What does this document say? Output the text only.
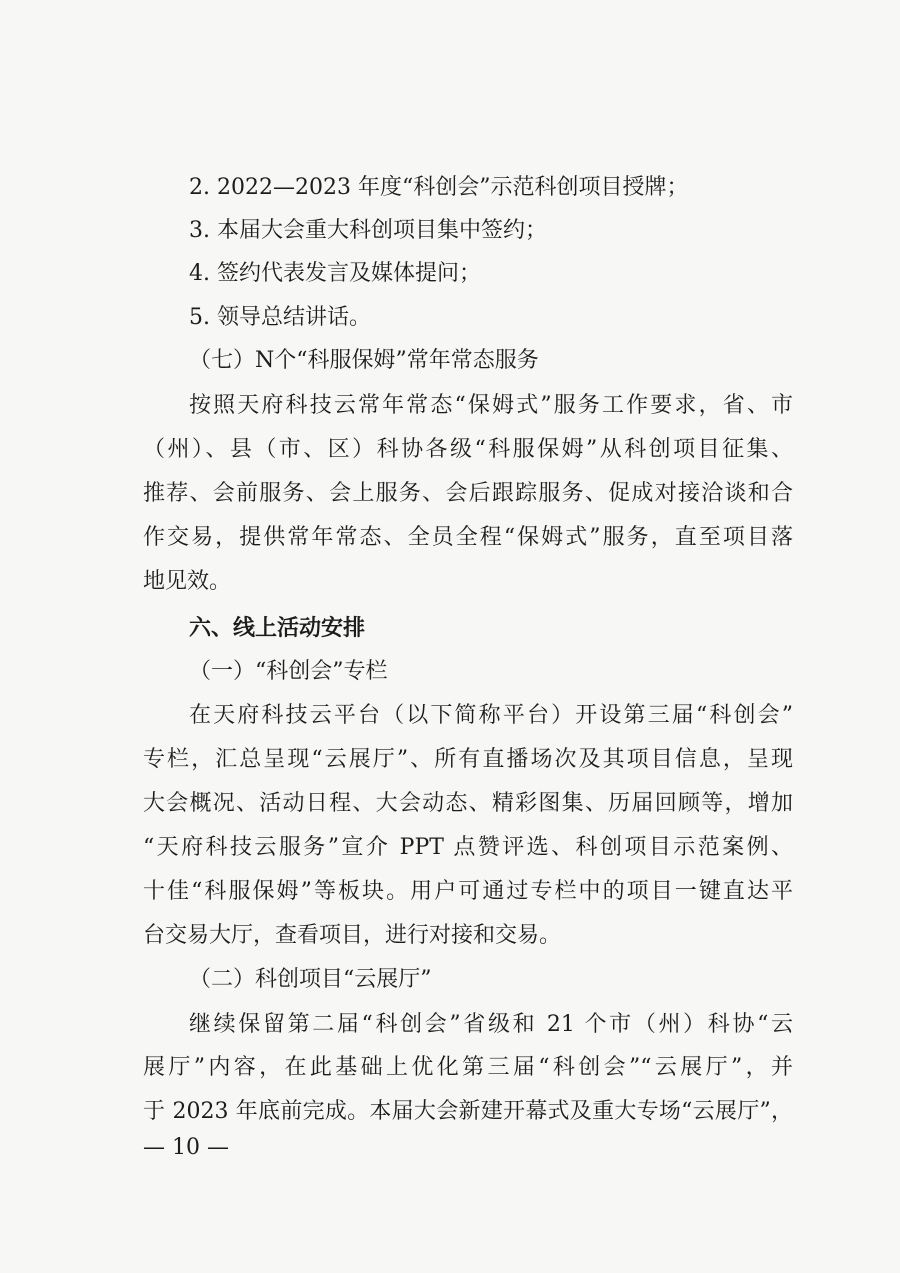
2. 2022—2023 年度“科创会”示范科创项目授牌；
3. 本届大会重大科创项目集中签约；
4. 签约代表发言及媒体提问；
5. 领导总结讲话。
（七）N个“科服保姆”常年常态服务
按照天府科技云常年常态“保姆式”服务工作要求，省、市
（州）、县（市、区）科协各级“科服保姆”从科创项目征集、
推荐、会前服务、会上服务、会后跟踪服务、促成对接洽谈和合
作交易，提供常年常态、全员全程“保姆式”服务，直至项目落
地见效。
六、线上活动安排
（一）“科创会”专栏
在天府科技云平台（以下简称平台）开设第三届“科创会”
专栏，汇总呈现“云展厅”、所有直播场次及其项目信息，呈现
大会概况、活动日程、大会动态、精彩图集、历届回顾等，增加
“天府科技云服务”宣介 PPT 点赞评选、科创项目示范案例、
十佳“科服保姆”等板块。用户可通过专栏中的项目一键直达平
台交易大厅，查看项目，进行对接和交易。
（二）科创项目“云展厅”
继续保留第二届“科创会”省级和 21 个市（州）科协“云
展厅”内容，在此基础上优化第三届“科创会”“云展厅”，并
于 2023 年底前完成。本届大会新建开幕式及重大专场“云展厅”，
— 10 —
